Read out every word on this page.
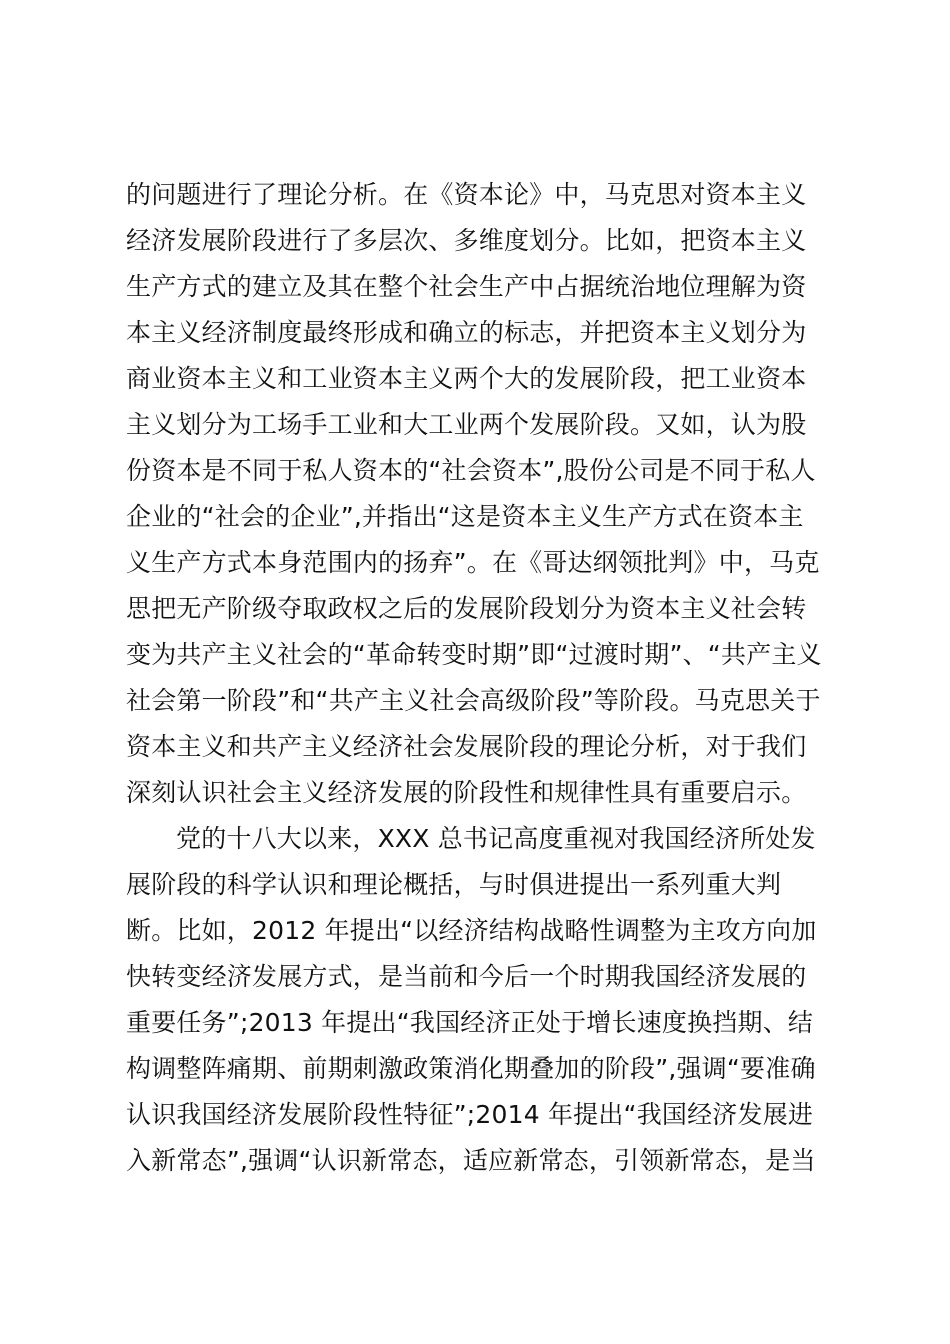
的问题进行了理论分析。在《资本论》中，马克思对资本主义
经济发展阶段进行了多层次、多维度划分。比如，把资本主义
生产方式的建立及其在整个社会生产中占据统治地位理解为资
本主义经济制度最终形成和确立的标志，并把资本主义划分为
商业资本主义和工业资本主义两个大的发展阶段，把工业资本
主义划分为工场手工业和大工业两个发展阶段。又如，认为股
份资本是不同于私人资本的“社会资本”,股份公司是不同于私人
企业的“社会的企业”,并指出“这是资本主义生产方式在资本主
义生产方式本身范围内的扬弃”。在《哥达纲领批判》中，马克
思把无产阶级夺取政权之后的发展阶段划分为资本主义社会转
变为共产主义社会的“革命转变时期”即“过渡时期”、“共产主义
社会第一阶段”和“共产主义社会高级阶段”等阶段。马克思关于
资本主义和共产主义经济社会发展阶段的理论分析，对于我们
深刻认识社会主义经济发展的阶段性和规律性具有重要启示。
党的十八大以来，XXX 总书记高度重视对我国经济所处发
展阶段的科学认识和理论概括，与时俱进提出一系列重大判
断。比如，2012 年提出“以经济结构战略性调整为主攻方向加
快转变经济发展方式，是当前和今后一个时期我国经济发展的
重要任务”;2013 年提出“我国经济正处于增长速度换挡期、结
构调整阵痛期、前期刺激政策消化期叠加的阶段”,强调“要准确
认识我国经济发展阶段性特征”;2014 年提出“我国经济发展进
入新常态”,强调“认识新常态，适应新常态，引领新常态，是当
